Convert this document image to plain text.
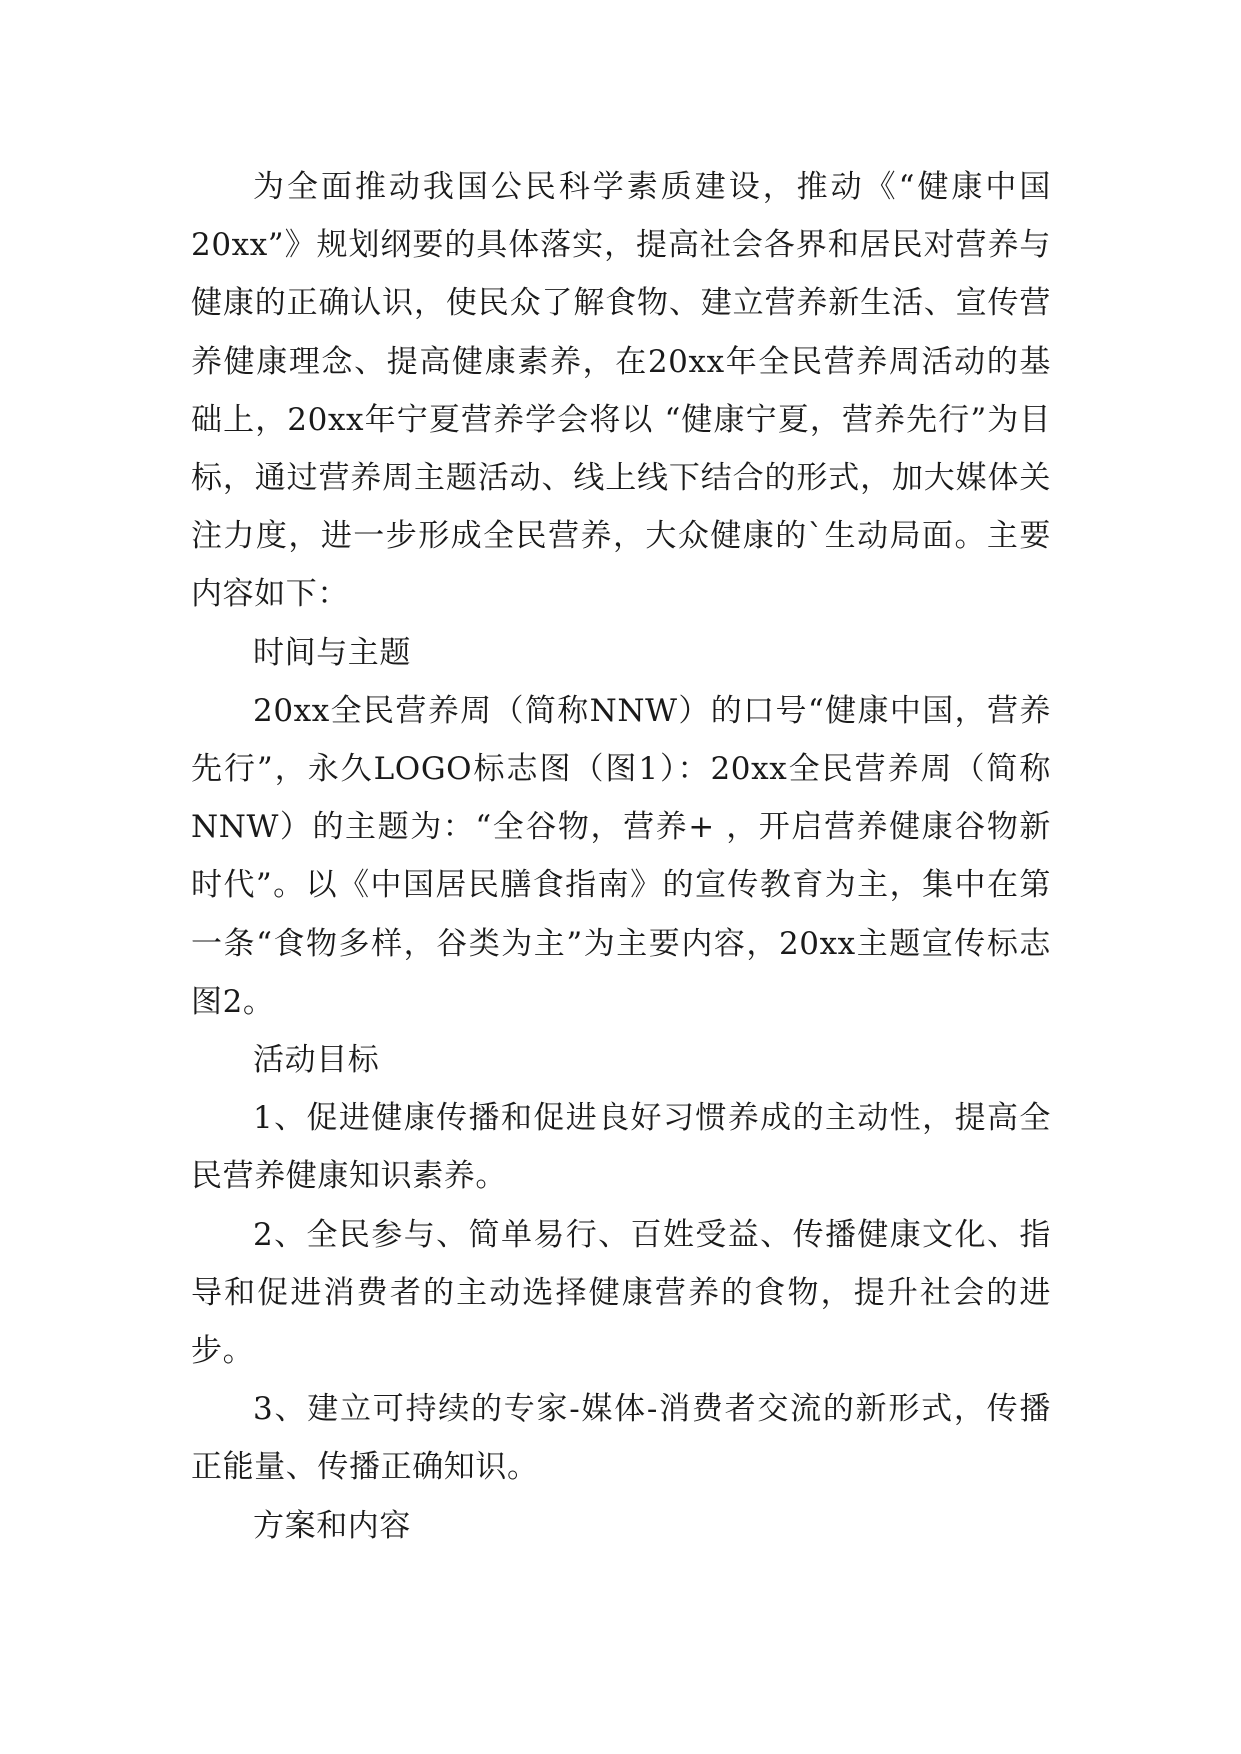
为全面推动我国公民科学素质建设，推动《“健康中国20xx”》规划纲要的具体落实，提高社会各界和居民对营养与健康的正确认识，使民众了解食物、建立营养新生活、宣传营养健康理念、提高健康素养，在20xx年全民营养周活动的基础上，20xx年宁夏营养学会将以 “健康宁夏，营养先行”为目标，通过营养周主题活动、线上线下结合的形式，加大媒体关注力度，进一步形成全民营养，大众健康的`生动局面。主要内容如下：

时间与主题

20xx全民营养周（简称NNW）的口号“健康中国，营养先行”，永久LOGO标志图（图1）：20xx全民营养周（简称NNW）的主题为：“全谷物，营养+ ，开启营养健康谷物新时代”。以《中国居民膳食指南》的宣传教育为主，集中在第一条“食物多样，谷类为主”为主要内容，20xx主题宣传标志图2。

活动目标

1、促进健康传播和促进良好习惯养成的主动性，提高全民营养健康知识素养。

2、全民参与、简单易行、百姓受益、传播健康文化、指导和促进消费者的主动选择健康营养的食物，提升社会的进步。

3、建立可持续的专家-媒体-消费者交流的新形式，传播正能量、传播正确知识。

方案和内容
